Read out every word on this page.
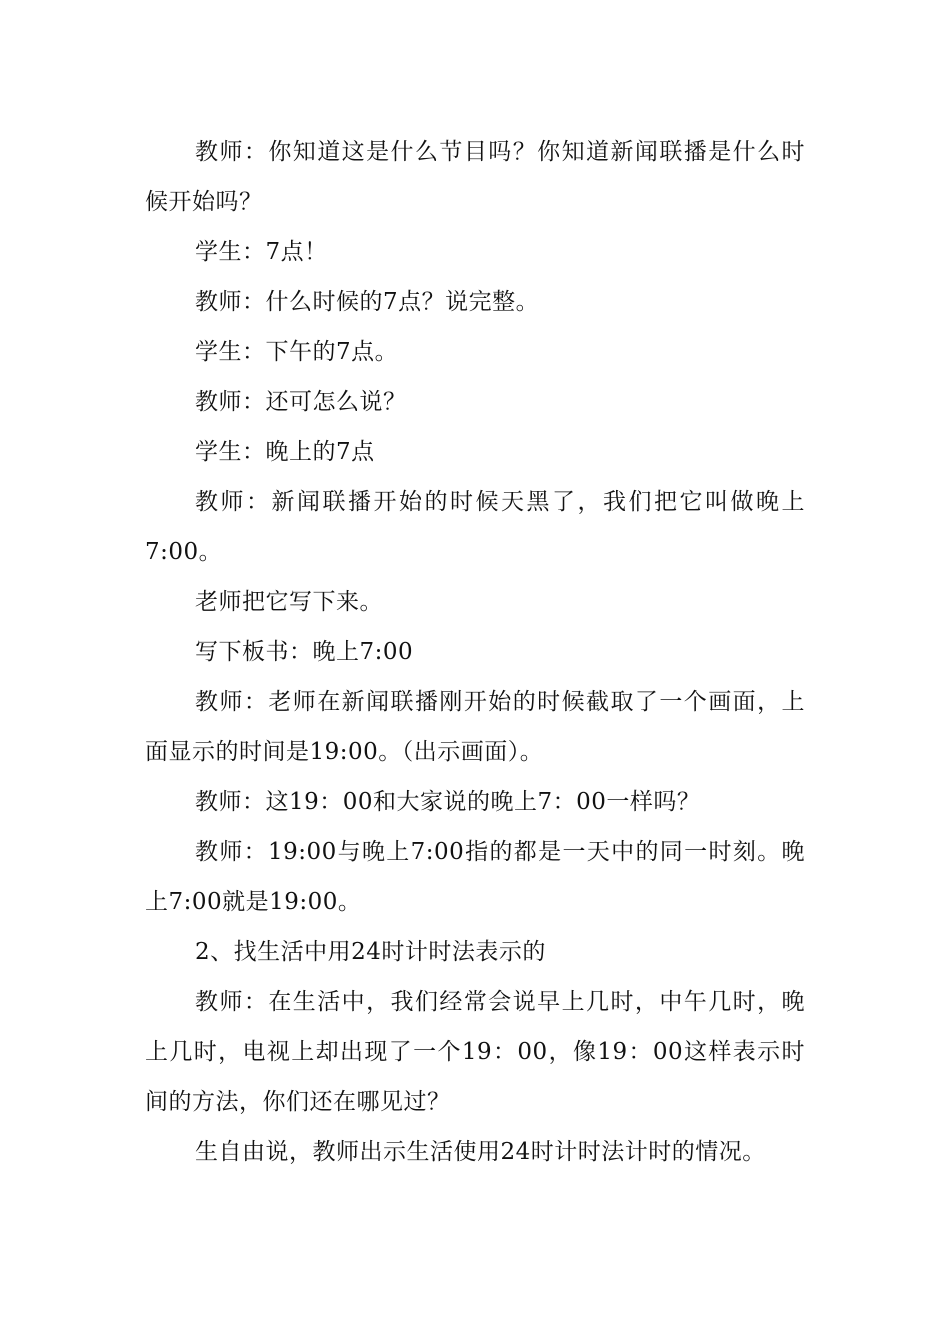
教师：你知道这是什么节目吗？你知道新闻联播是什么时候开始吗？

学生：7点！

教师：什么时候的7点？说完整。

学生：下午的7点。

教师：还可怎么说？

学生：晚上的7点

教师：新闻联播开始的时候天黑了，我们把它叫做晚上7:00。

老师把它写下来。

写下板书：晚上7:00

教师：老师在新闻联播刚开始的时候截取了一个画面，上面显示的时间是19:00。（出示画面）。

教师：这19：00和大家说的晚上7：00一样吗？

教师：19:00与晚上7:00指的都是一天中的同一时刻。晚上7:00就是19:00。

2、找生活中用24时计时法表示的

教师：在生活中，我们经常会说早上几时，中午几时，晚上几时，电视上却出现了一个19：00，像19：00这样表示时间的方法，你们还在哪见过？

生自由说，教师出示生活使用24时计时法计时的情况。
